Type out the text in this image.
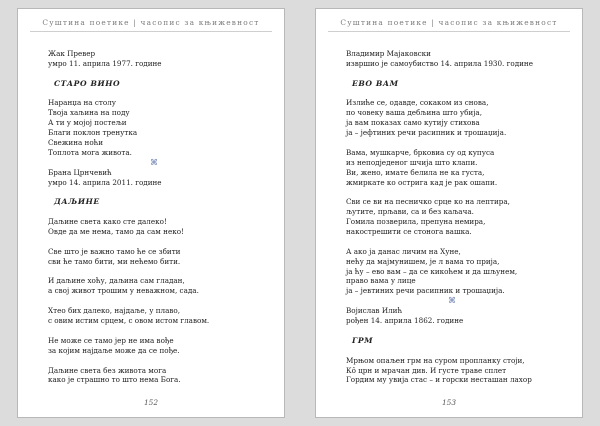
Суштина поетике | часопис за књижевност
Жак Превер
умро 11. априла 1977. године
СТАРО ВИНО
Наранџа на столу
Твоја хаљина на поду
А ти у мојој постељи
Благи поклон тренутка
Свежина ноћи
Топлота мога живота.
⌘
Брана Црнчевић
умро 14. априла 2011. године
ДАЉИНЕ
Даљине света како сте далеко!
Овде да ме нема, тамо да сам неко!
Све што је важно тамо ће се збити
сви ће тамо бити, ми нећемо бити.
И даљине хоћу, даљина сам гладан,
а свој живот трошим у неважном, сада.
Хтео бих далеко, најдаље, у плаво,
с овим истим срцем, с овом истом главом.
Не може се тамо јер не има вође
за којим најдаље може да се пође.
Даљине света без живота мога
како је страшно то што нема Бога.
152
Суштина поетике | часопис за књижевност
Владимир Мајаковски
извршио је самоубиство 14. априла 1930. године
ЕВО ВАМ
Излиће се, одавде, сокаком из снова,
по човеку ваша дебљина што убија,
ја вам показах само кутију стихова
ја – јефтиних речи расипник и трошаџија.
Вама, мушкарче, брковиа су од купуса
из неподједеног шчија што клапи.
Ви, жено, имате белила не ка густа,
жмиркате ко острига кад је рак ошапи.
Сви се ви на песничко срце ко на лептира,
љутите, прљави, са и без каљача.
Гомила позверила, препуна немира,
накострешити се стоногa вашка.
А ако ја данас личим на Хуне,
нећу да мајмунишем, је л вама то прија,
ја ћу – ево вам – да се кикоћем и да шљунем,
право вама у лице
ја – јевтиних речи расипник и трошаџија.
⌘
Војислав Илић
рођен 14. априла 1862. године
ГРМ
Мрњом опаљен грм на суром пропланку стоји,
Кô црн и мрачан див. И густе траве сплет
Гордим му увија стас – и горски нестaшан лахор
153
